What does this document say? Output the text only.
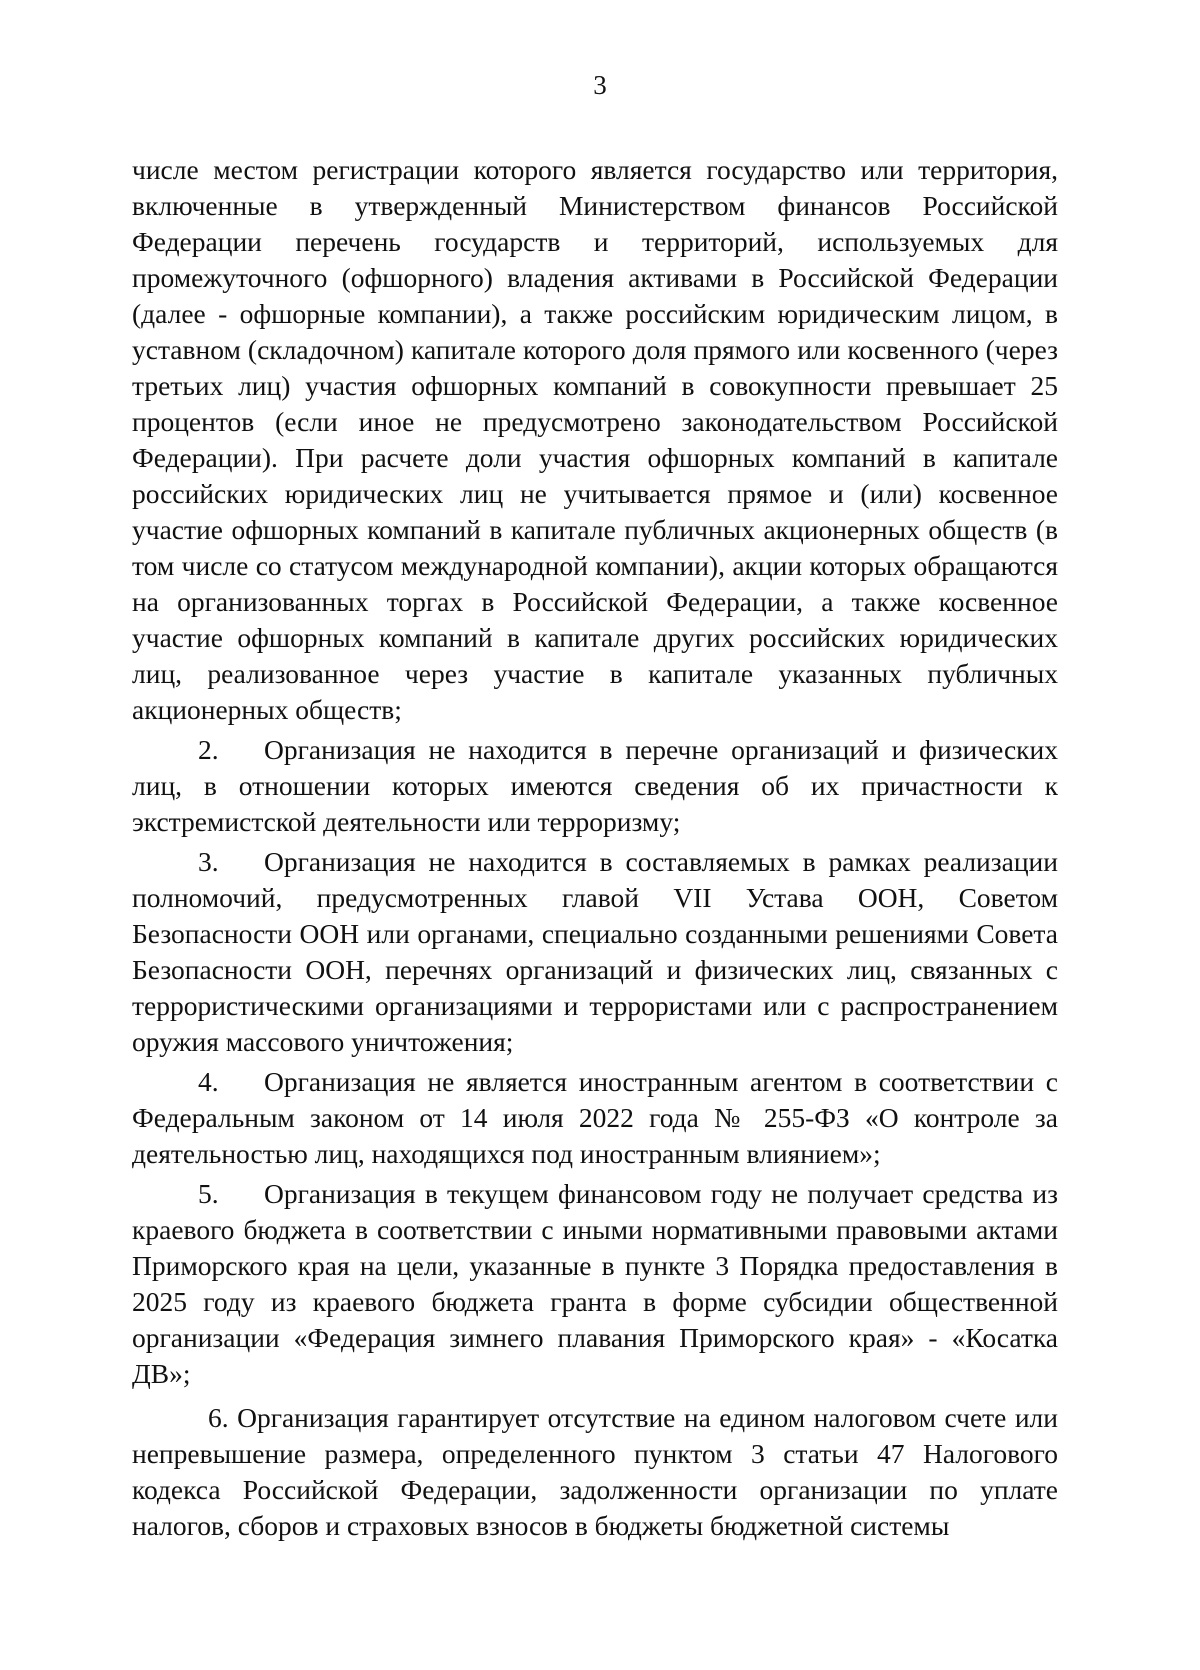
3

числе местом регистрации которого является государство или территория, включенные в утвержденный Министерством финансов Российской Федерации перечень государств и территорий, используемых для промежуточного (офшорного) владения активами в Российской Федерации (далее - офшорные компании), а также российским юридическим лицом, в уставном (складочном) капитале которого доля прямого или косвенного (через третьих лиц) участия офшорных компаний в совокупности превышает 25 процентов (если иное не предусмотрено законодательством Российской Федерации). При расчете доли участия офшорных компаний в капитале российских юридических лиц не учитывается прямое и (или) косвенное участие офшорных компаний в капитале публичных акционерных обществ (в том числе со статусом международной компании), акции которых обращаются на организованных торгах в Российской Федерации, а также косвенное участие офшорных компаний в капитале других российских юридических лиц, реализованное через участие в капитале указанных публичных акционерных обществ;

2. Организация не находится в перечне организаций и физических лиц, в отношении которых имеются сведения об их причастности к экстремистской деятельности или терроризму;

3. Организация не находится в составляемых в рамках реализации полномочий, предусмотренных главой VII Устава ООН, Советом Безопасности ООН или органами, специально созданными решениями Совета Безопасности ООН, перечнях организаций и физических лиц, связанных с террористическими организациями и террористами или с распространением оружия массового уничтожения;

4. Организация не является иностранным агентом в соответствии с Федеральным законом от 14 июля 2022 года № 255-ФЗ «О контроле за деятельностью лиц, находящихся под иностранным влиянием»;

5. Организация в текущем финансовом году не получает средства из краевого бюджета в соответствии с иными нормативными правовыми актами Приморского края на цели, указанные в пункте 3 Порядка предоставления в 2025 году из краевого бюджета гранта в форме субсидии общественной организации «Федерация зимнего плавания Приморского края» - «Косатка ДВ»;

6. Организация гарантирует отсутствие на едином налоговом счете или непревышение размера, определенного пунктом 3 статьи 47 Налогового кодекса Российской Федерации, задолженности организации по уплате налогов, сборов и страховых взносов в бюджеты бюджетной системы
